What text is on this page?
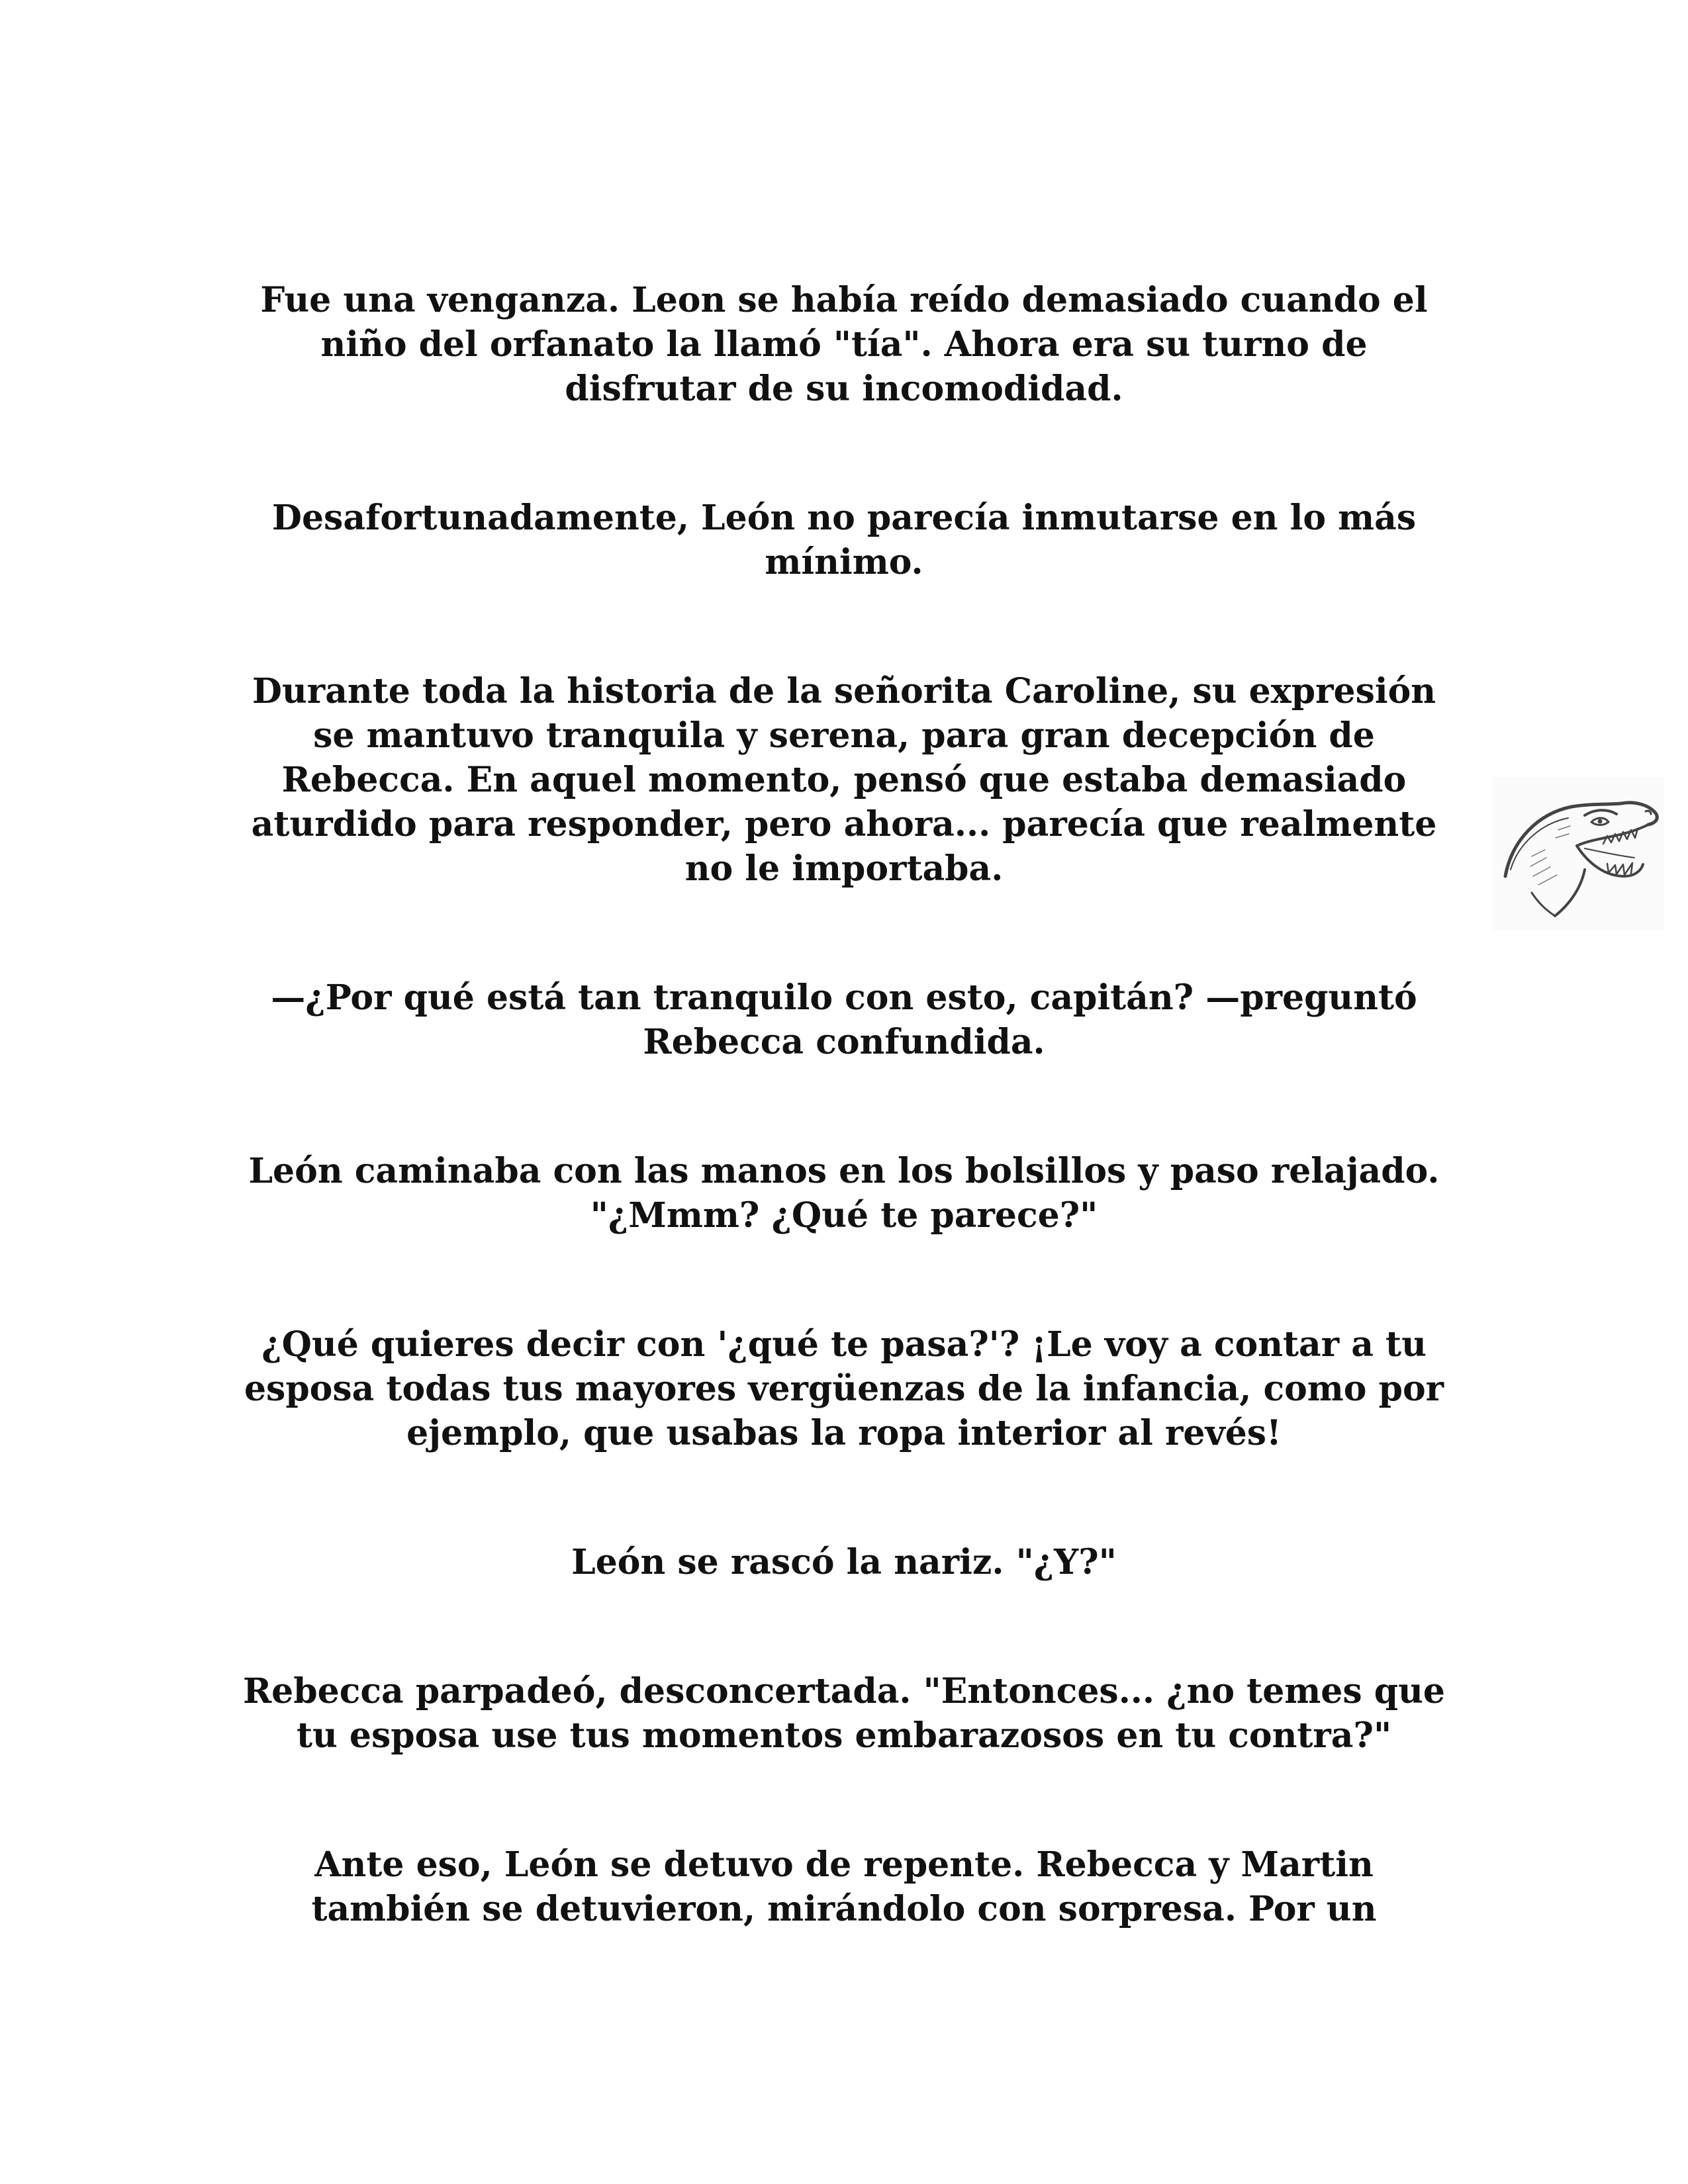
Fue una venganza. Leon se había reído demasiado cuando el
niño del orfanato la llamó "tía". Ahora era su turno de
disfrutar de su incomodidad.

Desafortunadamente, León no parecía inmutarse en lo más
mínimo.

Durante toda la historia de la señorita Caroline, su expresión
se mantuvo tranquila y serena, para gran decepción de
Rebecca. En aquel momento, pensó que estaba demasiado
aturdido para responder, pero ahora... parecía que realmente
no le importaba.

—¿Por qué está tan tranquilo con esto, capitán? —preguntó
Rebecca confundida.

León caminaba con las manos en los bolsillos y paso relajado.
"¿Mmm? ¿Qué te parece?"

¿Qué quieres decir con '¿qué te pasa?'? ¡Le voy a contar a tu
esposa todas tus mayores vergüenzas de la infancia, como por
ejemplo, que usabas la ropa interior al revés!

León se rascó la nariz. "¿Y?"

Rebecca parpadeó, desconcertada. "Entonces... ¿no temes que
tu esposa use tus momentos embarazosos en tu contra?"

Ante eso, León se detuvo de repente. Rebecca y Martin
también se detuvieron, mirándolo con sorpresa. Por un
